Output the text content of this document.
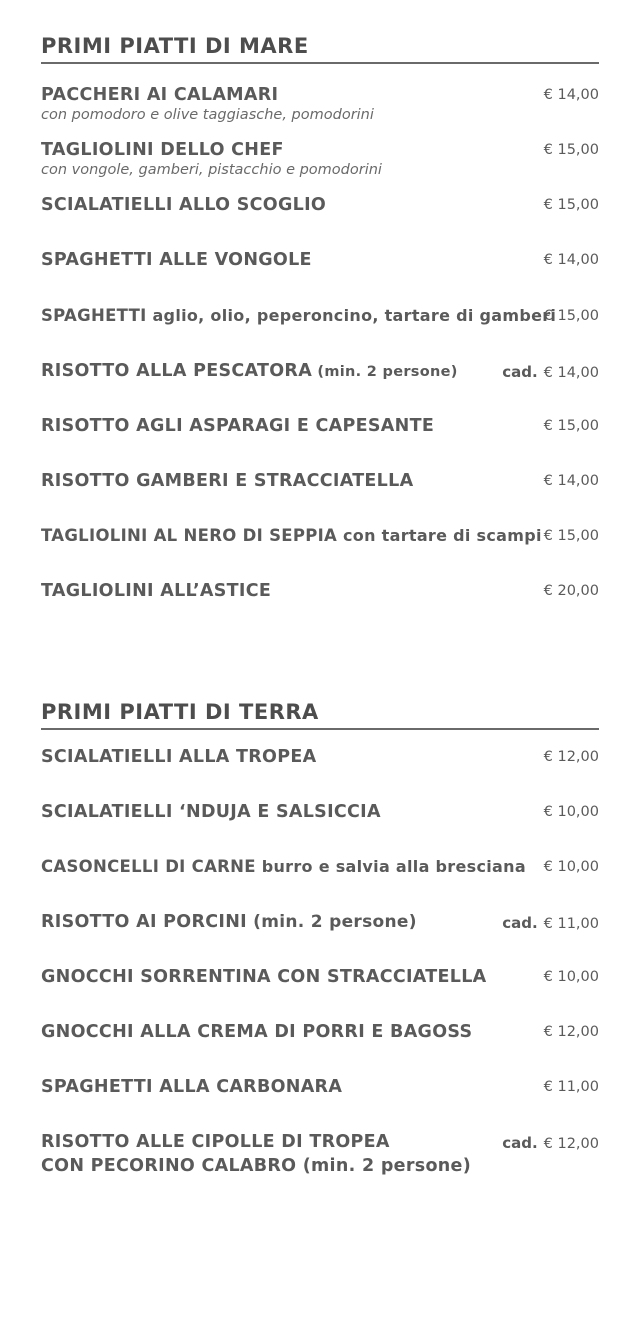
PRIMI PIATTI DI MARE
PACCHERI AI CALAMARI
con pomodoro e olive taggiasche, pomodorini
€ 14,00
TAGLIOLINI DELLO CHEF
con vongole, gamberi, pistacchio e pomodorini
€ 15,00
SCIALATIELLI ALLO SCOGLIO	€ 15,00
SPAGHETTI ALLE VONGOLE	€ 14,00
SPAGHETTI aglio, olio, peperoncino, tartare di gamberi
€ 15,00
RISOTTO ALLA PESCATORA (min. 2 persone)	cad. € 14,00
RISOTTO AGLI ASPARAGI E CAPESANTE	€ 15,00
RISOTTO GAMBERI E STRACCIATELLA	€ 14,00
TAGLIOLINI AL NERO DI SEPPIA con tartare di scampi € 15,00
TAGLIOLINI ALL’ASTICE	€ 20,00
PRIMI PIATTI DI TERRA
SCIALATIELLI ALLA TROPEA	€ 12,00
SCIALATIELLI ‘NDUJA E SALSICCIA	€ 10,00
CASONCELLI DI CARNE burro e salvia alla bresciana	€ 10,00
RISOTTO AI PORCINI (min. 2 persone)	cad. € 11,00
GNOCCHI SORRENTINA CON STRACCIATELLA	€ 10,00
GNOCCHI ALLA CREMA DI PORRI E BAGOSS	€ 12,00
SPAGHETTI ALLA CARBONARA	€ 11,00
RISOTTO ALLE CIPOLLE DI TROPEA
CON PECORINO CALABRO (min. 2 persone)
cad. € 12,00
